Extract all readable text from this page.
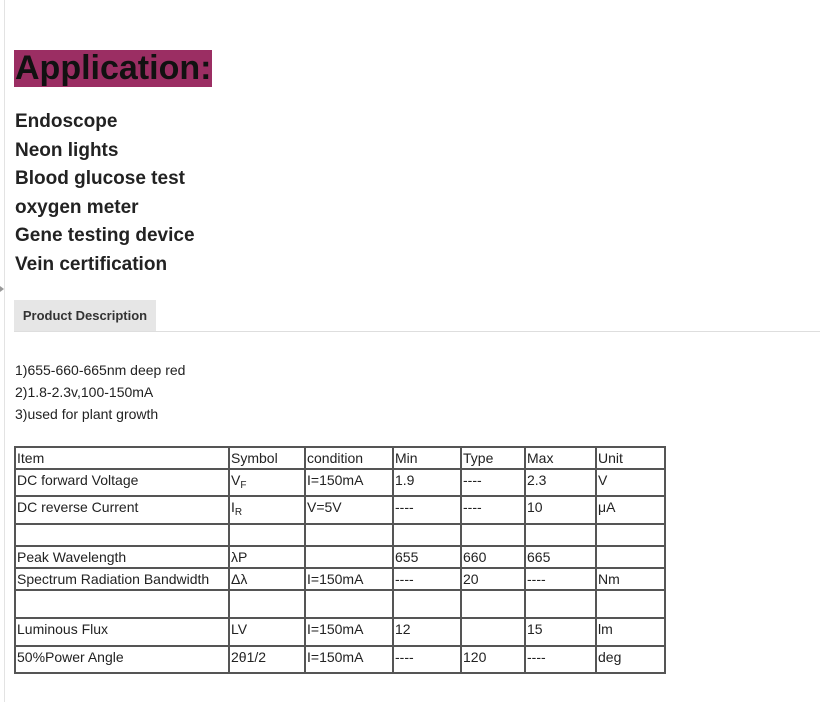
Application:
Endoscope
Neon lights
Blood glucose test
oxygen meter
Gene testing device
Vein certification
Product Description
1)655-660-665nm deep red
2)1.8-2.3v,100-150mA
3)used for plant growth
Item	Symbol	condition	Min	Type	Max	Unit
DC forward Voltage	$V_F$	I=150mA	1.9	----	2.3	V
DC reverse Current	$I_R$	V=5V	----	----	10	μA

Peak Wavelength	λP		655	660	665	
Spectrum Radiation Bandwidth	Δλ	I=150mA	----	20	----	Nm

Luminous Flux	LV	I=150mA	12		15	lm
50%Power Angle	2θ1/2	I=150mA	----	120	----	deg
